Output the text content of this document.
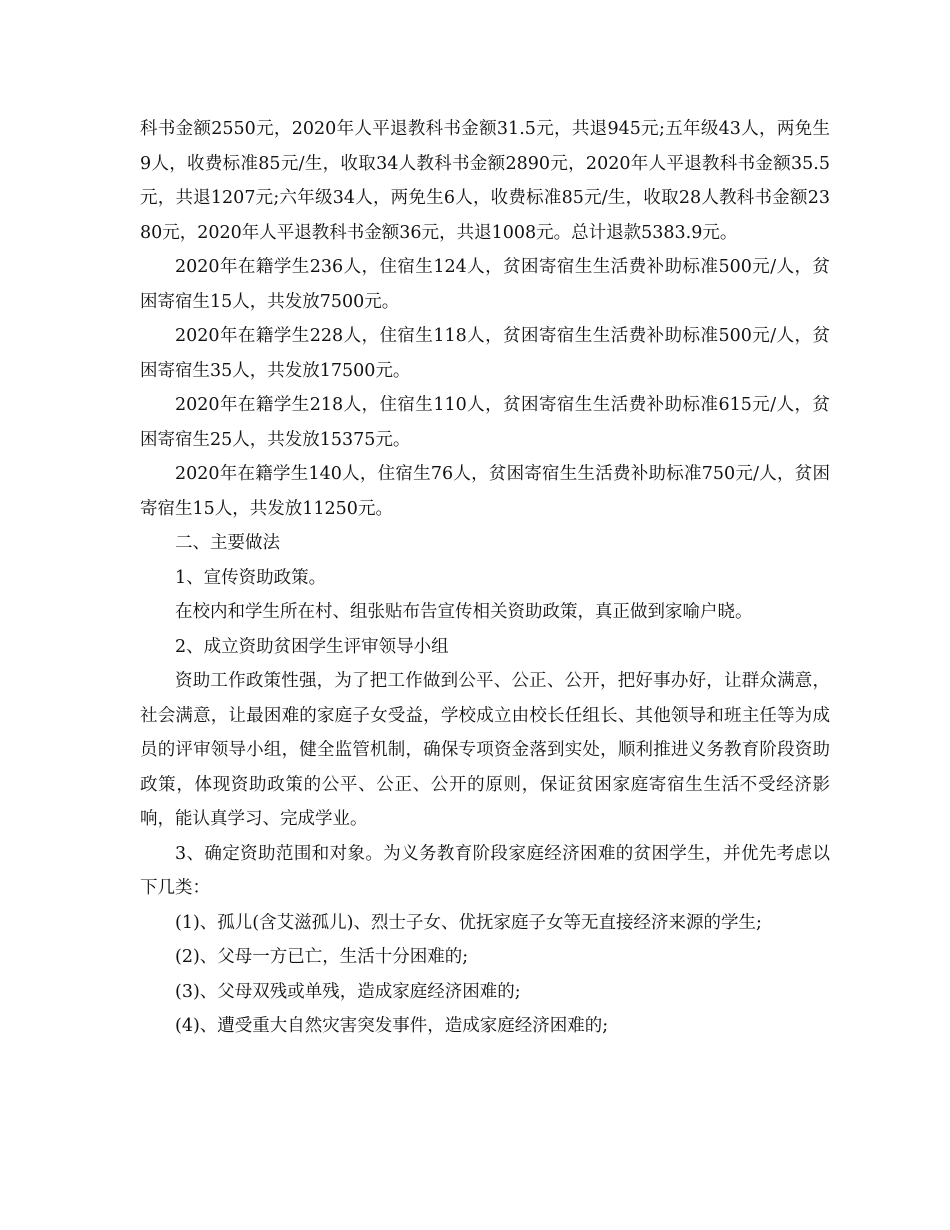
科书金额2550元，2020年人平退教科书金额31.5元，共退945元;五年级43人，两免生9人，收费标准85元/生，收取34人教科书金额2890元，2020年人平退教科书金额35.5元，共退1207元;六年级34人，两免生6人，收费标准85元/生，收取28人教科书金额2380元，2020年人平退教科书金额36元，共退1008元。总计退款5383.9元。

2020年在籍学生236人，住宿生124人，贫困寄宿生生活费补助标准500元/人，贫困寄宿生15人，共发放7500元。

2020年在籍学生228人，住宿生118人，贫困寄宿生生活费补助标准500元/人，贫困寄宿生35人，共发放17500元。

2020年在籍学生218人，住宿生110人，贫困寄宿生生活费补助标准615元/人，贫困寄宿生25人，共发放15375元。

2020年在籍学生140人，住宿生76人，贫困寄宿生生活费补助标准750元/人，贫困寄宿生15人，共发放11250元。

二、主要做法

1、宣传资助政策。

在校内和学生所在村、组张贴布告宣传相关资助政策，真正做到家喻户晓。

2、成立资助贫困学生评审领导小组

资助工作政策性强，为了把工作做到公平、公正、公开，把好事办好，让群众满意，社会满意，让最困难的家庭子女受益，学校成立由校长任组长、其他领导和班主任等为成员的评审领导小组，健全监管机制，确保专项资金落到实处，顺利推进义务教育阶段资助政策，体现资助政策的公平、公正、公开的原则，保证贫困家庭寄宿生生活不受经济影响，能认真学习、完成学业。

3、确定资助范围和对象。为义务教育阶段家庭经济困难的贫困学生，并优先考虑以下几类：

(1)、孤儿(含艾滋孤儿)、烈士子女、优抚家庭子女等无直接经济来源的学生;

(2)、父母一方已亡，生活十分困难的;

(3)、父母双残或单残，造成家庭经济困难的;

(4)、遭受重大自然灾害突发事件，造成家庭经济困难的;
